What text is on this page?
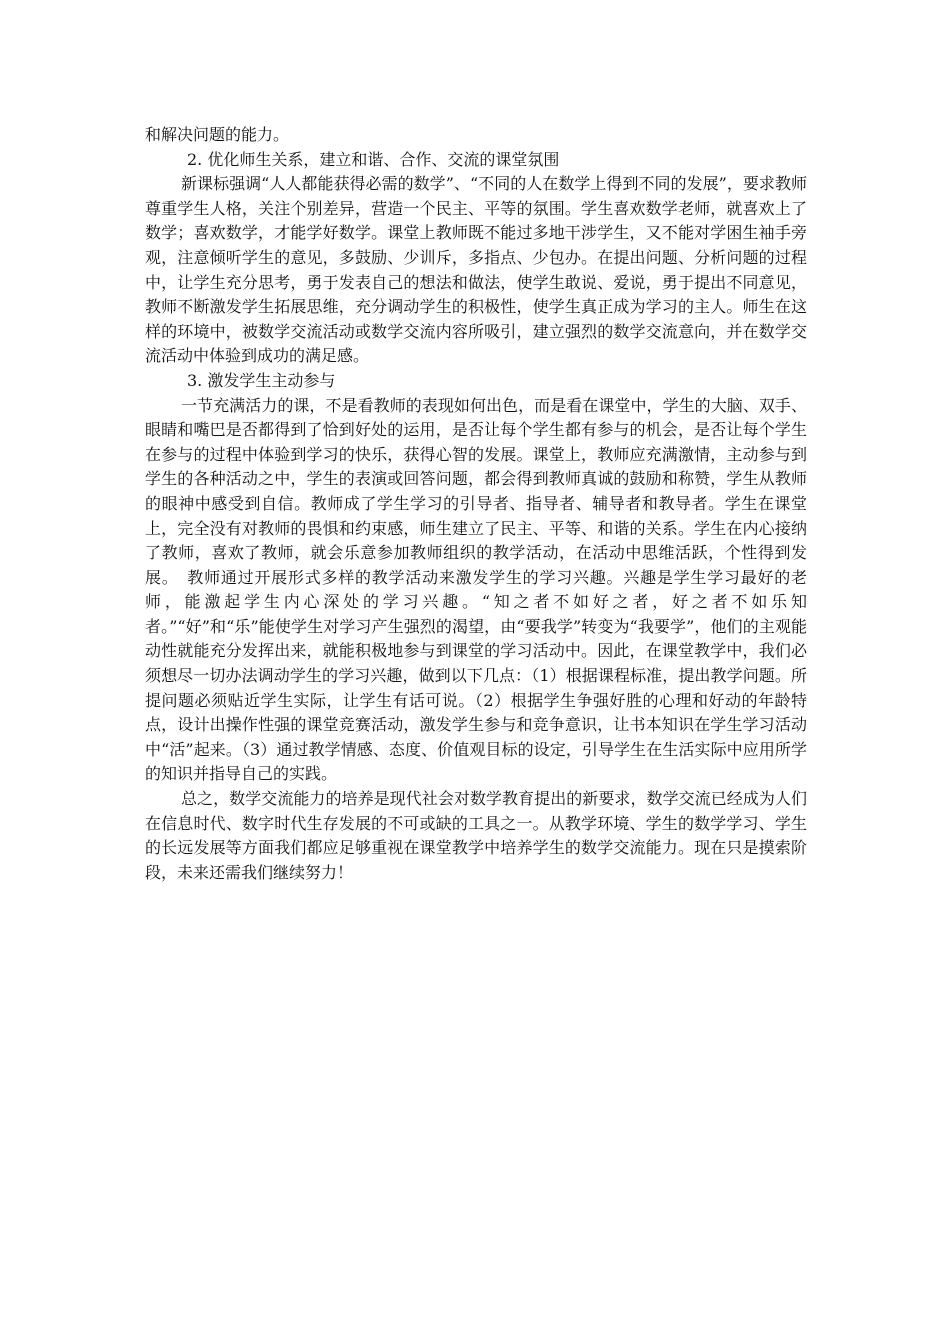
和解决问题的能力。

2. 优化师生关系，建立和谐、合作、交流的课堂氛围

新课标强调“人人都能获得必需的数学”、“不同的人在数学上得到不同的发展”，要求教师尊重学生人格，关注个别差异，营造一个民主、平等的氛围。学生喜欢数学老师，就喜欢上了数学；喜欢数学，才能学好数学。课堂上教师既不能过多地干涉学生，又不能对学困生袖手旁观，注意倾听学生的意见，多鼓励、少训斥，多指点、少包办。在提出问题、分析问题的过程中，让学生充分思考，勇于发表自己的想法和做法，使学生敢说、爱说，勇于提出不同意见，教师不断激发学生拓展思维，充分调动学生的积极性，使学生真正成为学习的主人。师生在这样的环境中，被数学交流活动或数学交流内容所吸引，建立强烈的数学交流意向，并在数学交流活动中体验到成功的满足感。

3. 激发学生主动参与

一节充满活力的课，不是看教师的表现如何出色，而是看在课堂中，学生的大脑、双手、眼睛和嘴巴是否都得到了恰到好处的运用，是否让每个学生都有参与的机会，是否让每个学生在参与的过程中体验到学习的快乐，获得心智的发展。课堂上，教师应充满激情，主动参与到学生的各种活动之中，学生的表演或回答问题，都会得到教师真诚的鼓励和称赞，学生从教师的眼神中感受到自信。教师成了学生学习的引导者、指导者、辅导者和教导者。学生在课堂上，完全没有对教师的畏惧和约束感，师生建立了民主、平等、和谐的关系。学生在内心接纳了教师，喜欢了教师，就会乐意参加教师组织的教学活动，在活动中思维活跃，个性得到发展。　教师通过开展形式多样的教学活动来激发学生的学习兴趣。兴趣是学生学习最好的老师，能激起学生内心深处的学习兴趣。“知之者不如好之者，好之者不如乐知者。”“好”和“乐”能使学生对学习产生强烈的渴望，由“要我学”转变为“我要学”，他们的主观能动性就能充分发挥出来，就能积极地参与到课堂的学习活动中。因此，在课堂教学中，我们必须想尽一切办法调动学生的学习兴趣，做到以下几点：（1）根据课程标准，提出教学问题。所提问题必须贴近学生实际，让学生有话可说。（2）根据学生争强好胜的心理和好动的年龄特点，设计出操作性强的课堂竞赛活动，激发学生参与和竞争意识，让书本知识在学生学习活动中“活”起来。（3）通过教学情感、态度、价值观目标的设定，引导学生在生活实际中应用所学的知识并指导自己的实践。

总之，数学交流能力的培养是现代社会对数学教育提出的新要求，数学交流已经成为人们在信息时代、数字时代生存发展的不可或缺的工具之一。从教学环境、学生的数学学习、学生的长远发展等方面我们都应足够重视在课堂教学中培养学生的数学交流能力。现在只是摸索阶段，未来还需我们继续努力！
